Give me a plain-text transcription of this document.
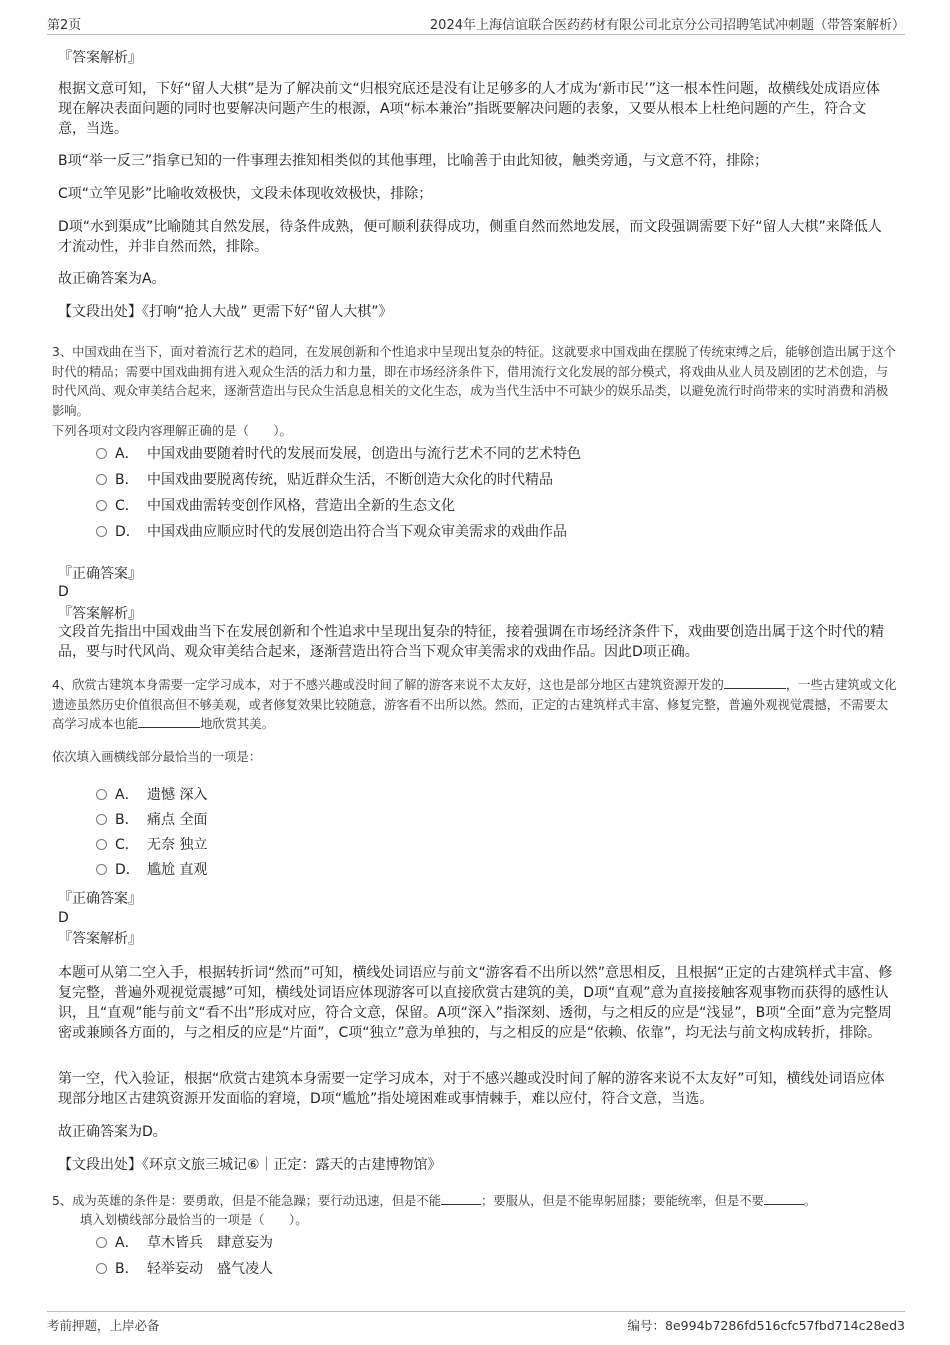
第2页	2024年上海信谊联合医药药材有限公司北京分公司招聘笔试冲刺题（带答案解析）
『答案解析』
根据文意可知，下好“留人大棋”是为了解决前文“归根究底还是没有让足够多的人才成为‘新市民’”这一根本性问题，故横线处成语应体现在解决表面问题的同时也要解决问题产生的根源，A项“标本兼治”指既要解决问题的表象，又要从根本上杜绝问题的产生，符合文意，当选。
B项“举一反三”指拿已知的一件事理去推知相类似的其他事理，比喻善于由此知彼，触类旁通，与文意不符，排除；
C项“立竿见影”比喻收效极快，文段未体现收效极快，排除；
D项“水到渠成”比喻随其自然发展，待条件成熟，便可顺利获得成功，侧重自然而然地发展，而文段强调需要下好“留人大棋”来降低人才流动性，并非自然而然，排除。
故正确答案为A。
【文段出处】《打响“抢人大战” 更需下好“留人大棋”》
3、中国戏曲在当下，面对着流行艺术的趋同，在发展创新和个性追求中呈现出复杂的特征。这就要求中国戏曲在摆脱了传统束缚之后，能够创造出属于这个时代的精品；需要中国戏曲拥有进入观众生活的活力和力量，即在市场经济条件下，借用流行文化发展的部分模式，将戏曲从业人员及剧团的艺术创造，与时代风尚、观众审美结合起来，逐渐营造出与民众生活息息相关的文化生态，成为当代生活中不可缺少的娱乐品类，以避免流行时尚带来的实时消费和消极影响。
下列各项对文段内容理解正确的是（　　）。
A． 中国戏曲要随着时代的发展而发展，创造出与流行艺术不同的艺术特色
B． 中国戏曲要脱离传统，贴近群众生活，不断创造大众化的时代精品
C． 中国戏曲需转变创作风格，营造出全新的生态文化
D． 中国戏曲应顺应时代的发展创造出符合当下观众审美需求的戏曲作品
『正确答案』
D
『答案解析』
文段首先指出中国戏曲当下在发展创新和个性追求中呈现出复杂的特征，接着强调在市场经济条件下，戏曲要创造出属于这个时代的精品，要与时代风尚、观众审美结合起来，逐渐营造出符合当下观众审美需求的戏曲作品。因此D项正确。
4、欣赏古建筑本身需要一定学习成本，对于不感兴趣或没时间了解的游客来说不太友好，这也是部分地区古建筑资源开发的	，一些古建筑或文化遗迹虽然历史价值很高但不够美观，或者修复效果比较随意，游客看不出所以然。然而，正定的古建筑样式丰富、修复完整，普遍外观视觉震撼，不需要太高学习成本也能	地欣赏其美。
依次填入画横线部分最恰当的一项是：
A． 遗憾 深入
B． 痛点 全面
C． 无奈 独立
D． 尴尬 直观
『正确答案』
D
『答案解析』
本题可从第二空入手，根据转折词“然而”可知，横线处词语应与前文“游客看不出所以然”意思相反，且根据“正定的古建筑样式丰富、修复完整，普遍外观视觉震撼”可知，横线处词语应体现游客可以直接欣赏古建筑的美，D项“直观”意为直接接触客观事物而获得的感性认识，且“直观”能与前文“看不出”形成对应，符合文意，保留。A项“深入”指深刻、透彻，与之相反的应是“浅显”，B项“全面”意为完整周密或兼顾各方面的，与之相反的应是“片面”，C项“独立”意为单独的，与之相反的应是“依赖、依靠”，均无法与前文构成转折，排除。
第一空，代入验证，根据“欣赏古建筑本身需要一定学习成本，对于不感兴趣或没时间了解的游客来说不太友好”可知，横线处词语应体现部分地区古建筑资源开发面临的窘境，D项“尴尬”指处境困难或事情棘手，难以应付，符合文意，当选。
故正确答案为D。
【文段出处】《环京文旅三城记⑥｜正定：露天的古建博物馆》
5、成为英雄的条件是：要勇敢，但是不能急躁；要行动迅速，但是不能	；要服从，但是不能卑躬屈膝；要能统率，但是不要	。
填入划横线部分最恰当的一项是（　　）。
A． 草木皆兵　肆意妄为
B． 轻举妄动　盛气凌人
考前押题，上岸必备	编号：8e994b7286fd516cfc57fbd714c28ed3
